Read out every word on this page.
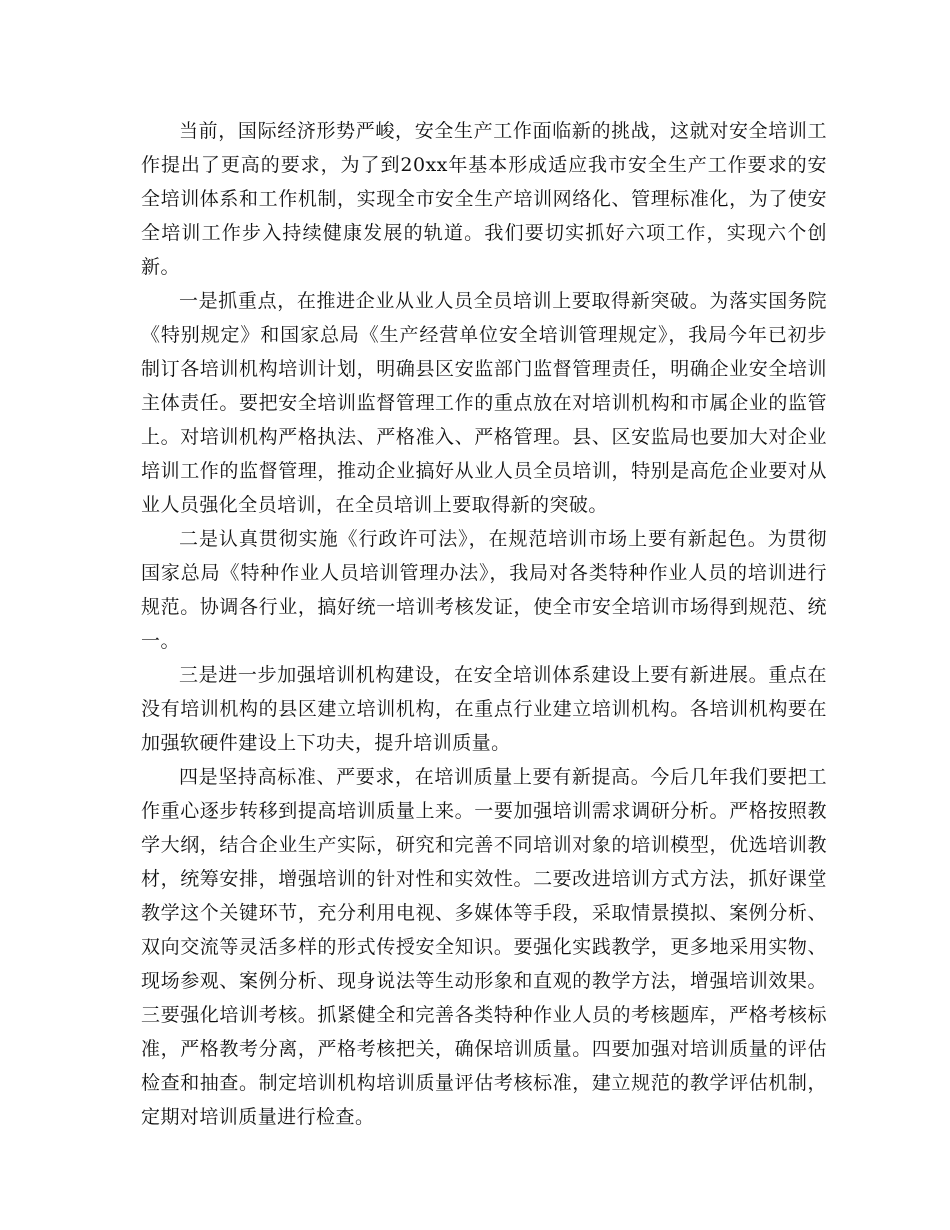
当前，国际经济形势严峻，安全生产工作面临新的挑战，这就对安全培训工作提出了更高的要求，为了到20xx年基本形成适应我市安全生产工作要求的安全培训体系和工作机制，实现全市安全生产培训网络化、管理标准化，为了使安全培训工作步入持续健康发展的轨道。我们要切实抓好六项工作，实现六个创新。

一是抓重点，在推进企业从业人员全员培训上要取得新突破。为落实国务院《特别规定》和国家总局《生产经营单位安全培训管理规定》，我局今年已初步制订各培训机构培训计划，明确县区安监部门监督管理责任，明确企业安全培训主体责任。要把安全培训监督管理工作的重点放在对培训机构和市属企业的监管上。对培训机构严格执法、严格准入、严格管理。县、区安监局也要加大对企业培训工作的监督管理，推动企业搞好从业人员全员培训，特别是高危企业要对从业人员强化全员培训，在全员培训上要取得新的突破。

二是认真贯彻实施《行政许可法》，在规范培训市场上要有新起色。为贯彻国家总局《特种作业人员培训管理办法》，我局对各类特种作业人员的培训进行规范。协调各行业，搞好统一培训考核发证，使全市安全培训市场得到规范、统一。

三是进一步加强培训机构建设，在安全培训体系建设上要有新进展。重点在没有培训机构的县区建立培训机构，在重点行业建立培训机构。各培训机构要在加强软硬件建设上下功夫，提升培训质量。

四是坚持高标准、严要求，在培训质量上要有新提高。今后几年我们要把工作重心逐步转移到提高培训质量上来。一要加强培训需求调研分析。严格按照教学大纲，结合企业生产实际，研究和完善不同培训对象的培训模型，优选培训教材，统筹安排，增强培训的针对性和实效性。二要改进培训方式方法，抓好课堂教学这个关键环节，充分利用电视、多媒体等手段，采取情景摸拟、案例分析、双向交流等灵活多样的形式传授安全知识。要强化实践教学，更多地采用实物、现场参观、案例分析、现身说法等生动形象和直观的教学方法，增强培训效果。三要强化培训考核。抓紧健全和完善各类特种作业人员的考核题库，严格考核标准，严格教考分离，严格考核把关，确保培训质量。四要加强对培训质量的评估检查和抽查。制定培训机构培训质量评估考核标准，建立规范的教学评估机制，定期对培训质量进行检查。
